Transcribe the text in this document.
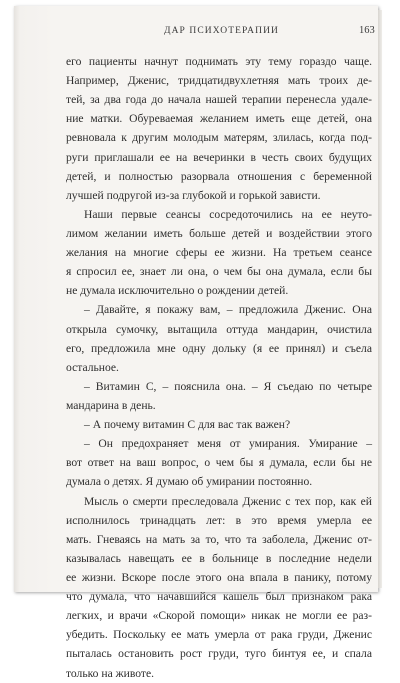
ДАР ПСИХОТЕРАПИИ	163
его пациенты начнут поднимать эту тему гораздо чаще.
Например, Дженис, тридцатидвухлетняя мать троих де-
тей, за два года до начала нашей терапии перенесла удале-
ние матки. Обуреваемая желанием иметь еще детей, она
ревновала к другим молодым матерям, злилась, когда под-
руги приглашали ее на вечеринки в честь своих будущих
детей, и полностью разорвала отношения с беременной
лучшей подругой из-за глубокой и горькой зависти.
Наши первые сеансы сосредоточились на ее неуто-
лимом желании иметь больше детей и воздействии этого
желания на многие сферы ее жизни. На третьем сеансе
я спросил ее, знает ли она, о чем бы она думала, если бы
не думала исключительно о рождении детей.
– Давайте, я покажу вам, – предложила Дженис. Она
открыла сумочку, вытащила оттуда мандарин, очистила
его, предложила мне одну дольку (я ее принял) и съела
остальное.
– Витамин С, – пояснила она. – Я съедаю по четыре
мандарина в день.
– А почему витамин С для вас так важен?
– Он предохраняет меня от умирания. Умирание –
вот ответ на ваш вопрос, о чем бы я думала, если бы не
думала о детях. Я думаю об умирании постоянно.
Мысль о смерти преследовала Дженис с тех пор, как ей
исполнилось тринадцать лет: в это время умерла ее
мать. Гневаясь на мать за то, что та заболела, Дженис от-
казывалась навещать ее в больнице в последние недели
ее жизни. Вскоре после этого она впала в панику, потому
что думала, что начавшийся кашель был признаком рака
легких, и врачи «Скорой помощи» никак не могли ее раз-
убедить. Поскольку ее мать умерла от рака груди, Дженис
пыталась остановить рост груди, туго бинтуя ее, и спала
только на животе.
